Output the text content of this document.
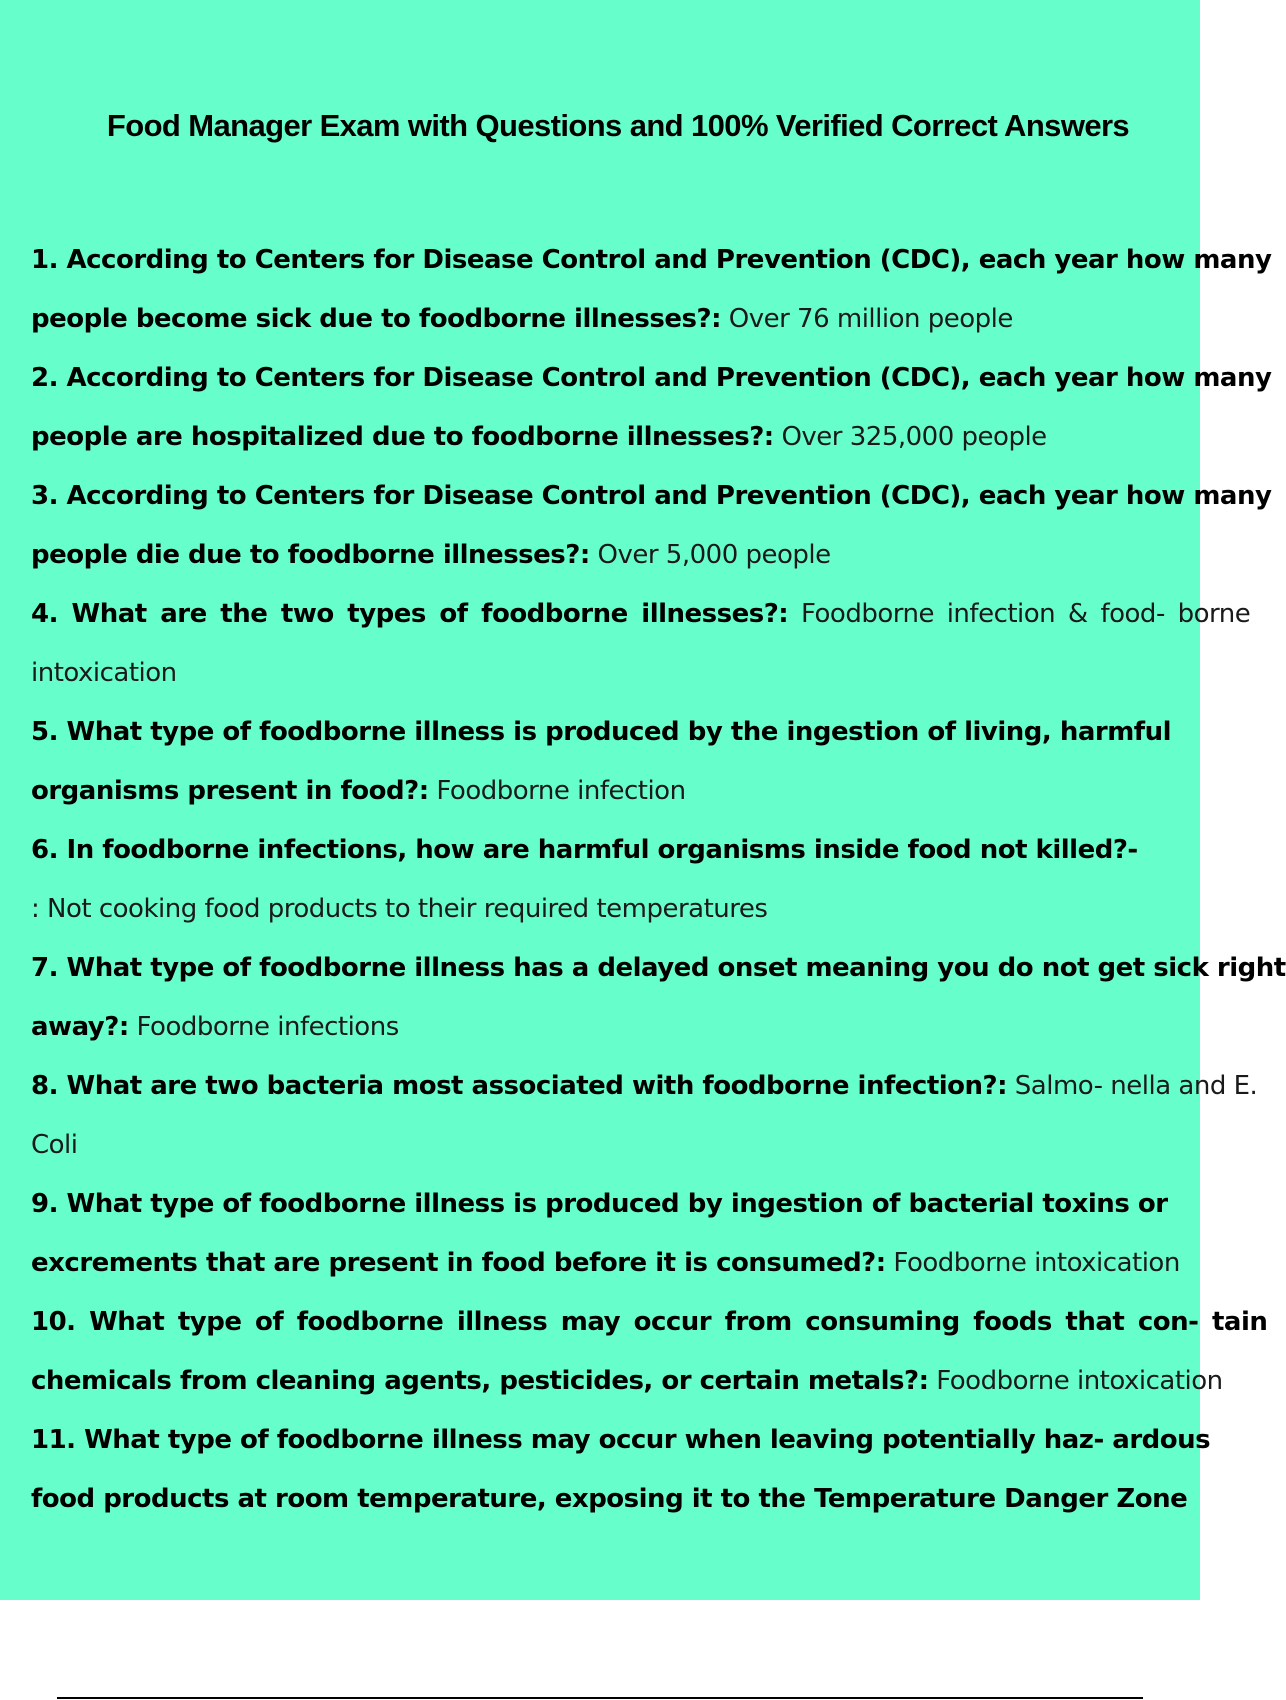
Food Manager Exam with Questions and 100% Verified Correct Answers
1. According to Centers for Disease Control and Prevention (CDC), each year how many
people become sick due to foodborne illnesses?: Over 76 million people
2. According to Centers for Disease Control and Prevention (CDC), each year how many
people are hospitalized due to foodborne illnesses?: Over 325,000 people
3. According to Centers for Disease Control and Prevention (CDC), each year how many
people die due to foodborne illnesses?: Over 5,000 people
4. What are the two types of foodborne illnesses?: Foodborne infection & food- borne
intoxication
5. What type of foodborne illness is produced by the ingestion of living, harmful
organisms present in food?: Foodborne infection
6. In foodborne infections, how are harmful organisms inside food not killed?-
: Not cooking food products to their required temperatures
7. What type of foodborne illness has a delayed onset meaning you do not get sick right
away?: Foodborne infections
8. What are two bacteria most associated with foodborne infection?: Salmo- nella and E.
Coli
9. What type of foodborne illness is produced by ingestion of bacterial toxins or
excrements that are present in food before it is consumed?: Foodborne intoxication
10. What type of foodborne illness may occur from consuming foods that con- tain
chemicals from cleaning agents, pesticides, or certain metals?: Foodborne intoxication
11. What type of foodborne illness may occur when leaving potentially haz- ardous
food products at room temperature, exposing it to the Temperature Danger Zone
